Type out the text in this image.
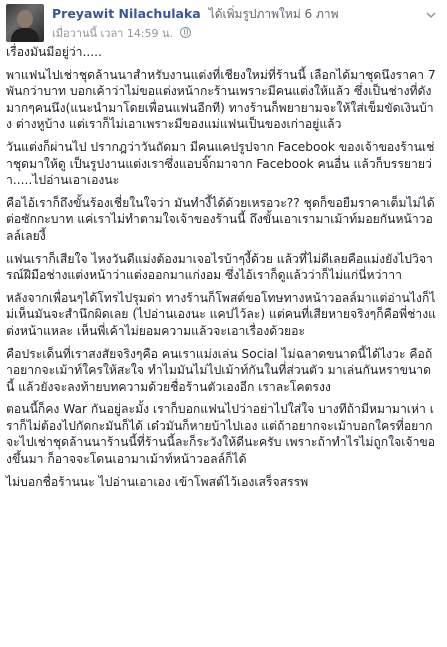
Preyawit Nilachulaka ได้เพิ่มรูปภาพใหม่ 6 ภาพ
เมื่อวานนี้ เวลา 14:59 น.

เรื่องมันมีอยู่ว่า.....

พาแฟนไปเช่าชุดล้านนาสำหรับงานแต่งที่เชียงใหม่ที่ร้านนี้ เลือกได้มาชุดนึงราคา 7 พันกว่าบาท บอกเค้าว่าไม่ขอแต่งหน้ากะร้านเพราะมีคนแต่งให้แล้ว ซึ่งเป็นช่างที่ดังมากๆคนนึง(แนะนำมาโดยเพื่อนแฟนอีกที) ทางร้านก็พยายามจะให้ใส่เข็มขัดเงินบ้าง ต่างหูบ้าง แต่เราก็ไม่เอาเพราะมีของแม่แฟนเป็นของเก่าอยู่แล้ว

วันแต่งก็ผ่านไป ปรากฎว่าวันถัดมา มีคนแคปรูปจาก Facebook ของเจ้าของร้านเช่าชุดมาให้ดู เป็นรูปงานแต่งเราซึ่งแอบจิ๊กมาจาก Facebook คนอื่น แล้วก็บรรยายว่า.....ไปอ่านเอาเองนะ

คือไอ้เราก็ถึงขั้นร้องเชี่ยในใจว่า มันทำงี้ได้ด้วยเหรอวะ?? ชุดก็ขอยืมราคาเต็มไม่ได้ต่อซักกะบาท แค่เราไม่ทำตามใจเจ้าของร้านนี้ ถึงขั้นเอาเรามาเม้าท์มอยกันหน้าวอลล์เลยงี้

แฟนเราก็เสียใจ ไหงวันดีแม่งต้องมาเจอไรบ้าๆงี้ด้วย แล้วที่ไม่ดีเลยคือแม่งยังไปวิจารณ์ฝีมือช่างแต่งหน้าว่าแต่งออกมาแก่งอม ซึ่งไอ้เราก็ดูแล้วว่าก็ไม่แก่นี่หว่าาา

หลังจากเพื่อนๆได้โทรไปรุมด่า ทางร้านก็โพสต์ขอโทษทางหน้าวอลล์มาแต่อ่านไงก็ไม่เห็นมันจะสำนึกผิดเลย (ไปอ่านเองนะ แคปไว้ละ) แต่คนที่เสียหายจริงๆก็คือพี่ช่างแต่งหน้าแหละ เห็นพี่เค้าไม่ยอมความแล้วจะเอาเรื่องด้วยอะ

คือประเด็นที่เราสงสัยจริงๆคือ คนเราแม่งเล่น Social ไม่ฉลาดขนาดนี้ได้ไงวะ คือถ้าอยากจะเม้าท์ใครให้สะใจ ทำไมมันไม่ไปเม้าท์กันในที่ส่วนตัว มาเล่นกันหราขนาดนี้ แล้วยังจะลงท้ายบทความด้วยชื่อร้านตัวเองอีก เราละโคตรงง

ตอนนี้ก็คง War กันอยู่ละมั้ง เราก็บอกแฟนไปว่าอย่าไปใส่ใจ บางทีถ้ามีหมามาเห่า เราก็ไม่ต้องไปกัดกะมันก็ได้ เด๋วมันก็หายบ้าไปเอง แต่ถ้าอยากจะเม้าบอกใครที่อยากจะไปเช่าชุดล้านนาร้านนี้ที่ร้านนี้ละก็ระวังให้ดีนะครับ เพราะถ้าทำไรไม่ถูกใจเจ้าของขึ้นมา ก็อาจจะโดนเอามาเม้าท์หน้าวอลล์ก็ได้

ไม่บอกชื่อร้านนะ ไปอ่านเอาเอง เข้าโพสต์ไว้เองเสร็จสรรพ
